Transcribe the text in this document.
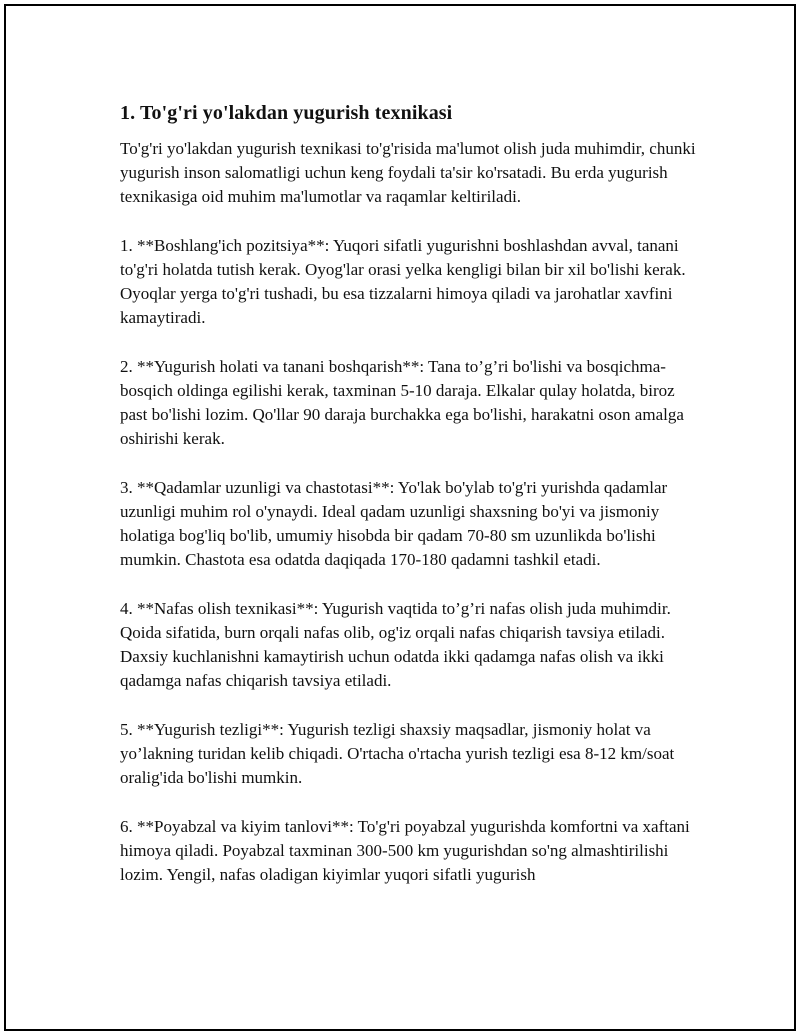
1. To'g'ri yo'lakdan yugurish texnikasi

To'g'ri yo'lakdan yugurish texnikasi to'g'risida ma'lumot olish juda muhimdir, chunki yugurish inson salomatligi uchun keng foydali ta'sir ko'rsatadi. Bu erda yugurish texnikasiga oid muhim ma'lumotlar va raqamlar keltiriladi.

1. **Boshlang'ich pozitsiya**: Yuqori sifatli yugurishni boshlashdan avval, tanani to'g'ri holatda tutish kerak. Oyog'lar orasi yelka kengligi bilan bir xil bo'lishi kerak. Oyoqlar yerga to'g'ri tushadi, bu esa tizzalarni himoya qiladi va jarohatlar xavfini kamaytiradi.

2. **Yugurish holati va tanani boshqarish**: Tana to’g’ri bo'lishi va bosqichma-bosqich oldinga egilishi kerak, taxminan 5-10 daraja. Elkalar qulay holatda, biroz past bo'lishi lozim. Qo'llar 90 daraja burchakka ega bo'lishi, harakatni oson amalga oshirishi kerak.

3. **Qadamlar uzunligi va chastotasi**: Yo'lak bo'ylab to'g'ri yurishda qadamlar uzunligi muhim rol o'ynaydi. Ideal qadam uzunligi shaxsning bo'yi va jismoniy holatiga bog'liq bo'lib, umumiy hisobda bir qadam 70-80 sm uzunlikda bo'lishi mumkin. Chastota esa odatda daqiqada 170-180 qadamni tashkil etadi.

4. **Nafas olish texnikasi**: Yugurish vaqtida to’g’ri nafas olish juda muhimdir. Qoida sifatida, burn orqali nafas olib, og'iz orqali nafas chiqarish tavsiya etiladi. Daxsiy kuchlanishni kamaytirish uchun odatda ikki qadamga nafas olish va ikki qadamga nafas chiqarish tavsiya etiladi.

5. **Yugurish tezligi**: Yugurish tezligi shaxsiy maqsadlar, jismoniy holat va yo’lakning turidan kelib chiqadi. O'rtacha o'rtacha yurish tezligi esa 8-12 km/soat oralig'ida bo'lishi mumkin.

6. **Poyabzal va kiyim tanlovi**: To'g'ri poyabzal yugurishda komfortni va xaftani himoya qiladi. Poyabzal taxminan 300-500 km yugurishdan so'ng almashtirilishi lozim. Yengil, nafas oladigan kiyimlar yuqori sifatli yugurish
